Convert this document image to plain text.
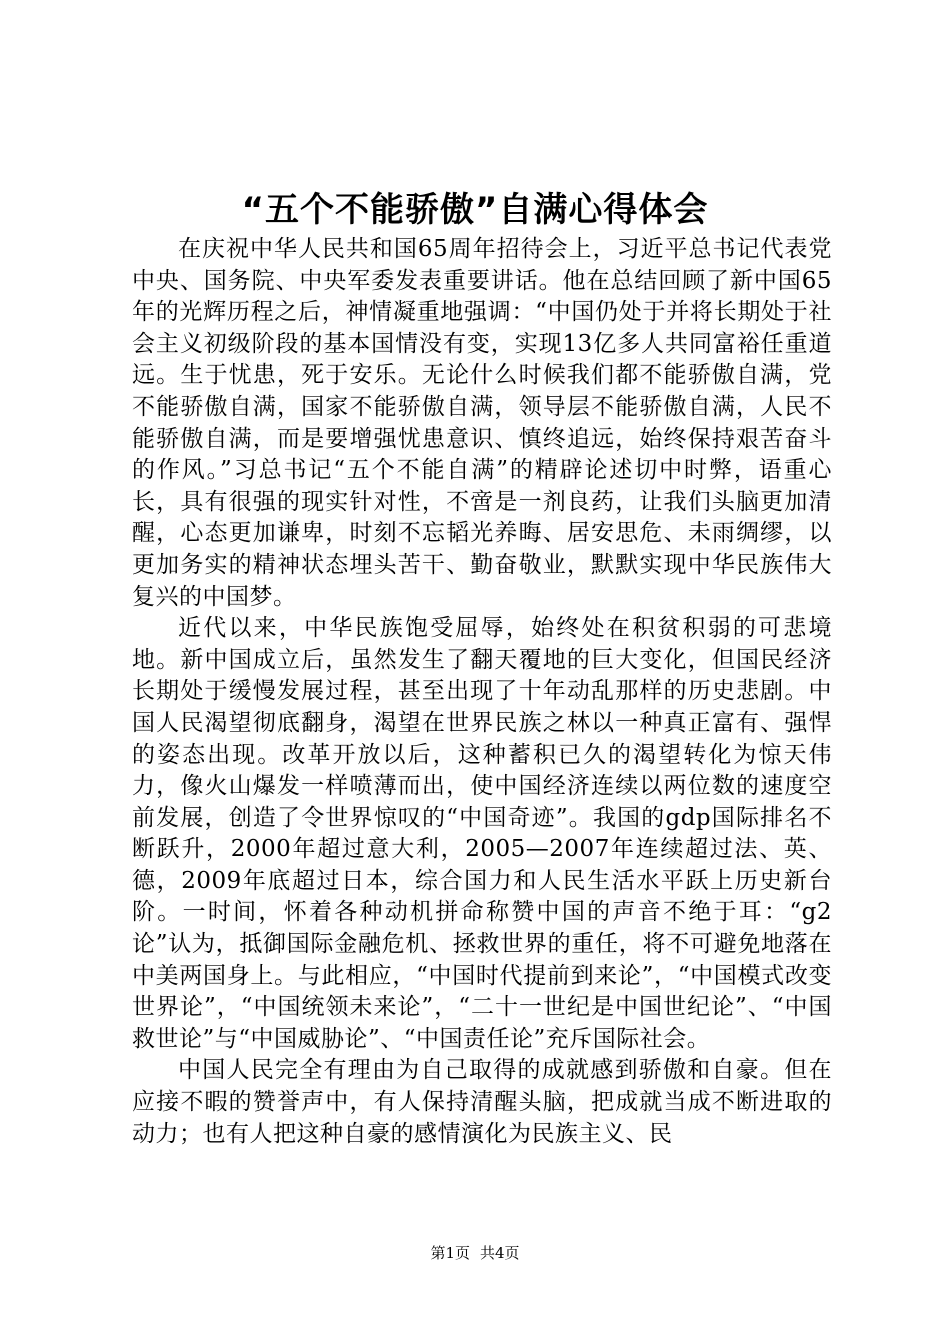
“五个不能骄傲”自满心得体会

在庆祝中华人民共和国65周年招待会上，习近平总书记代表党中央、国务院、中央军委发表重要讲话。他在总结回顾了新中国65年的光辉历程之后，神情凝重地强调：“中国仍处于并将长期处于社会主义初级阶段的基本国情没有变，实现13亿多人共同富裕任重道远。生于忧患，死于安乐。无论什么时候我们都不能骄傲自满，党不能骄傲自满，国家不能骄傲自满，领导层不能骄傲自满，人民不能骄傲自满，而是要增强忧患意识、慎终追远，始终保持艰苦奋斗的作风。”习总书记“五个不能自满”的精辟论述切中时弊，语重心长，具有很强的现实针对性，不啻是一剂良药，让我们头脑更加清醒，心态更加谦卑，时刻不忘韬光养晦、居安思危、未雨绸缪，以更加务实的精神状态埋头苦干、勤奋敬业，默默实现中华民族伟大复兴的中国梦。

近代以来，中华民族饱受屈辱，始终处在积贫积弱的可悲境地。新中国成立后，虽然发生了翻天覆地的巨大变化，但国民经济长期处于缓慢发展过程，甚至出现了十年动乱那样的历史悲剧。中国人民渴望彻底翻身，渴望在世界民族之林以一种真正富有、强悍的姿态出现。改革开放以后，这种蓄积已久的渴望转化为惊天伟力，像火山爆发一样喷薄而出，使中国经济连续以两位数的速度空前发展，创造了令世界惊叹的“中国奇迹”。我国的gdp国际排名不断跃升，2000年超过意大利，2005—2007年连续超过法、英、德，2009年底超过日本，综合国力和人民生活水平跃上历史新台阶。一时间，怀着各种动机拼命称赞中国的声音不绝于耳：“g2论”认为，抵御国际金融危机、拯救世界的重任，将不可避免地落在中美两国身上。与此相应，“中国时代提前到来论”，“中国模式改变世界论”，“中国统领未来论”，“二十一世纪是中国世纪论”、“中国救世论”与“中国威胁论”、“中国责任论”充斥国际社会。

中国人民完全有理由为自己取得的成就感到骄傲和自豪。但在应接不暇的赞誉声中，有人保持清醒头脑，把成就当成不断进取的动力；也有人把这种自豪的感情演化为民族主义、民

第1页 共4页
